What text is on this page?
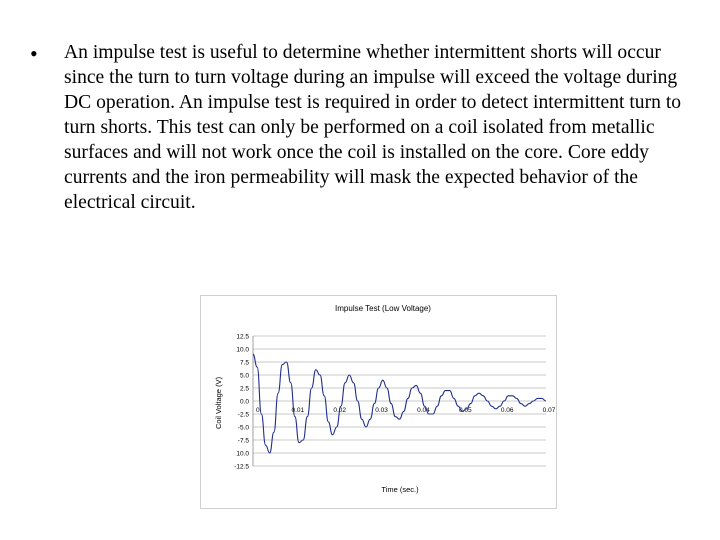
• An impulse test is useful to determine whether intermittent shorts will occur since the turn to turn voltage during an impulse will exceed the voltage during DC operation. An impulse test is required in order to detect intermittent turn to turn shorts. This test can only be performed on a coil isolated from metallic surfaces and will not work once the coil is installed on the core. Core eddy currents and the iron permeability will mask the expected behavior of the electrical circuit.
Impulse Test (Low Voltage)
Coil Voltage (V)
Time (sec.)
12.5
10.0
7.5
5.0
2.5
0.0
-2.5
-5.0
-7.5
10.0
-12.5
0	0.01	0.02	0.03	0.04	0.05	0.06	0.07
